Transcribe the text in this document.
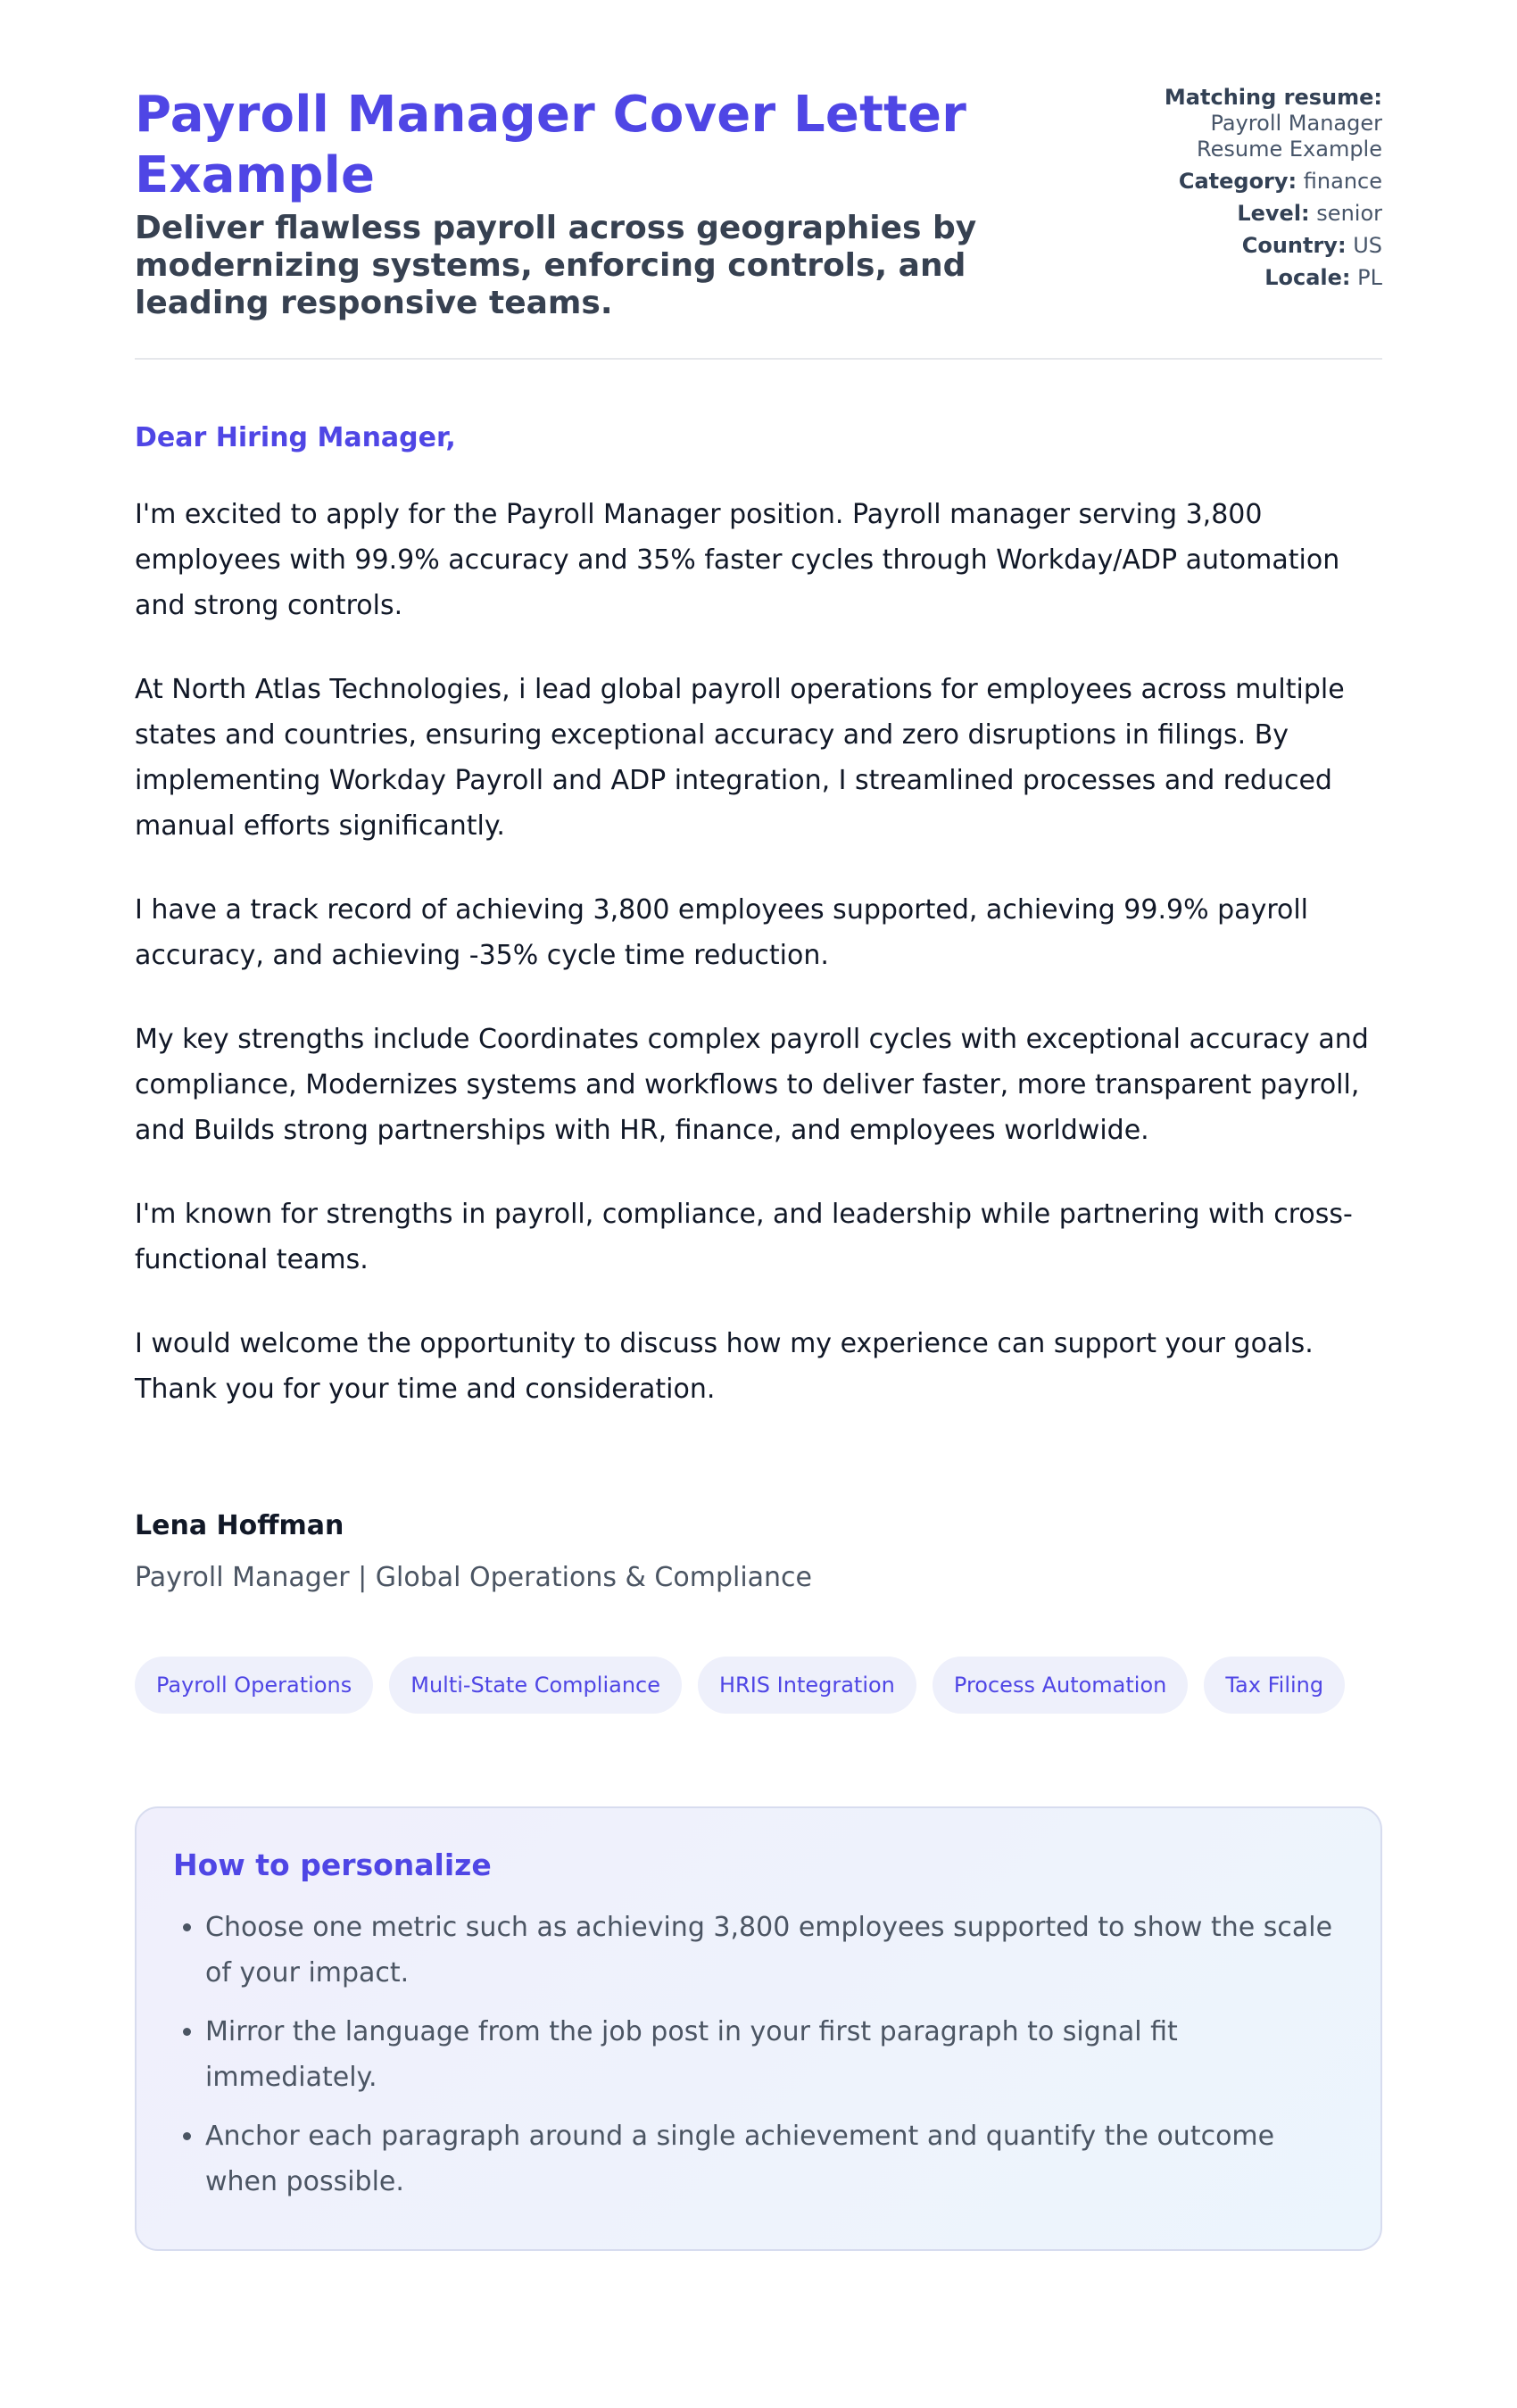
Payroll Manager Cover Letter Example
Deliver flawless payroll across geographies by modernizing systems, enforcing controls, and leading responsive teams.
Matching resume:
Payroll Manager Resume Example
Category: finance
Level: senior
Country: US
Locale: PL

Dear Hiring Manager,

I'm excited to apply for the Payroll Manager position. Payroll manager serving 3,800 employees with 99.9% accuracy and 35% faster cycles through Workday/ADP automation and strong controls.

At North Atlas Technologies, i lead global payroll operations for employees across multiple states and countries, ensuring exceptional accuracy and zero disruptions in filings. By implementing Workday Payroll and ADP integration, I streamlined processes and reduced manual efforts significantly.

I have a track record of achieving 3,800 employees supported, achieving 99.9% payroll accuracy, and achieving -35% cycle time reduction.

My key strengths include Coordinates complex payroll cycles with exceptional accuracy and compliance, Modernizes systems and workflows to deliver faster, more transparent payroll, and Builds strong partnerships with HR, finance, and employees worldwide.

I'm known for strengths in payroll, compliance, and leadership while partnering with cross-functional teams.

I would welcome the opportunity to discuss how my experience can support your goals. Thank you for your time and consideration.

Lena Hoffman

Payroll Manager | Global Operations & Compliance

Payroll Operations	Multi-State Compliance	HRIS Integration	Process Automation	Tax Filing
How to personalize
• Choose one metric such as achieving 3,800 employees supported to show the scale of your impact.
• Mirror the language from the job post in your first paragraph to signal fit immediately.
• Anchor each paragraph around a single achievement and quantify the outcome when possible.
